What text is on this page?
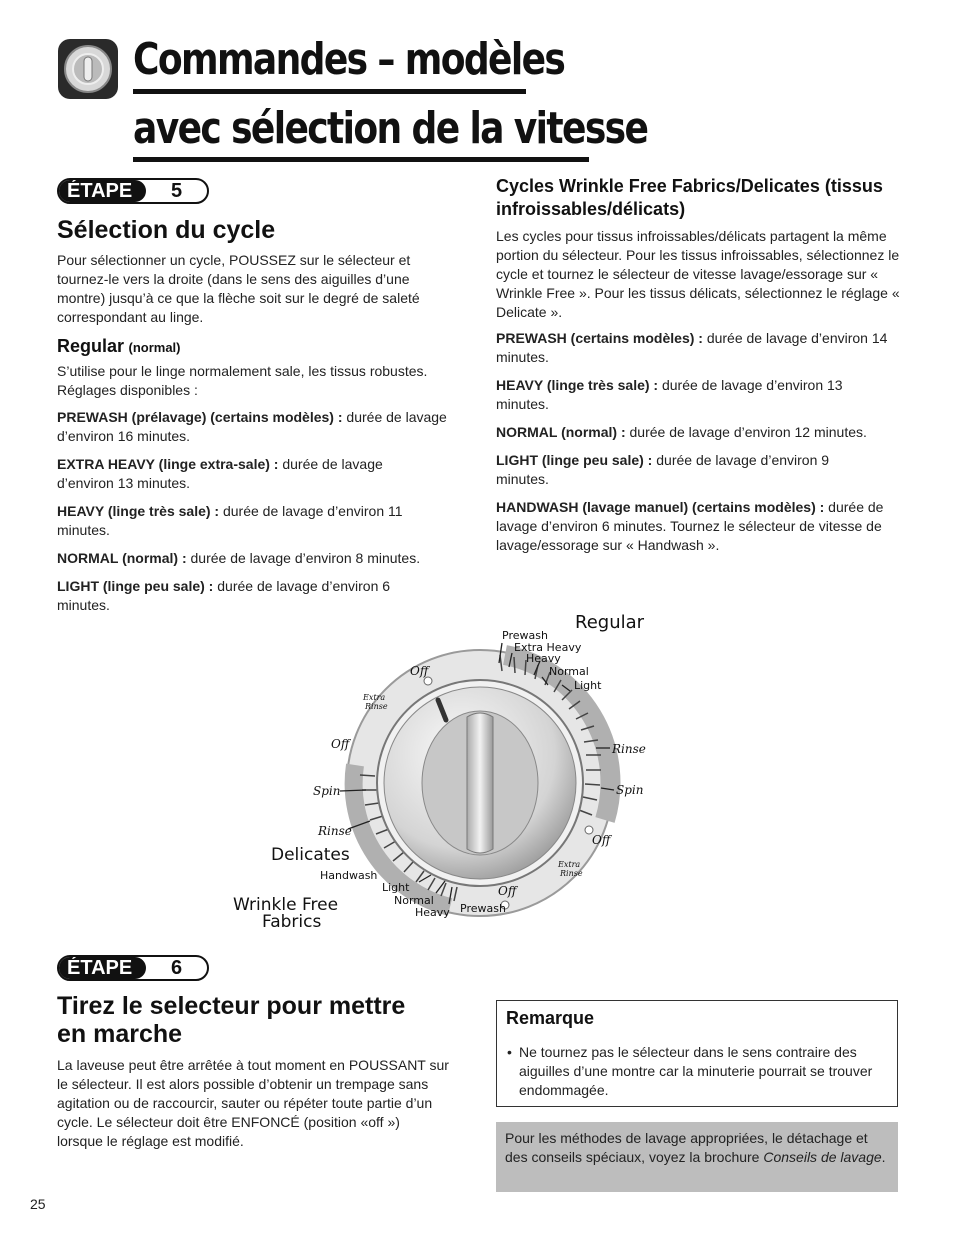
Commandes – modèles
avec sélection de la vitesse
ÉTAPE	5
Sélection du cycle

Pour sélectionner un cycle, POUSSEZ sur le sélecteur et tournez-le vers la droite (dans le sens des aiguilles d’une montre) jusqu’à ce que la flèche soit sur le degré de saleté correspondant au linge.

Regular (normal)

S’utilise pour le linge normalement sale, les tissus robustes. Réglages disponibles :

PREWASH (prélavage) (certains modèles) : durée de lavage d’environ 16 minutes.

EXTRA HEAVY (linge extra-sale) : durée de lavage d’environ 13 minutes.

HEAVY (linge très sale) : durée de lavage d’environ 11 minutes.

NORMAL (normal) : durée de lavage d’environ 8 minutes.

LIGHT (linge peu sale) : durée de lavage d’environ 6 minutes.

Cycles Wrinkle Free Fabrics/Delicates (tissus infroissables/délicats)

Les cycles pour tissus infroissables/délicats partagent la même portion du sélecteur. Pour les tissus infroissables, sélectionnez le cycle et tournez le sélecteur de vitesse lavage/essorage sur « Wrinkle Free ». Pour les tissus délicats, sélectionnez le réglage « Delicate ».

PREWASH (certains modèles) : durée de lavage d’environ 14 minutes.

HEAVY (linge très sale) : durée de lavage d’environ 13 minutes.

NORMAL (normal) : durée de lavage d’environ 12 minutes.

LIGHT (linge peu sale) : durée de lavage d’environ 9 minutes.

HANDWASH (lavage manuel) (certains modèles) : durée de lavage d’environ 6 minutes. Tournez le sélecteur de vitesse de lavage/essorage sur « Handwash ».

Regular
Prewash
Extra Heavy
Heavy
Normal
Light
Off
Extra
Rinse
Off
Spin
Rinse
Rinse
Spin
Off
Extra
Rinse
Off
Delicates
Handwash
Light
Normal
Heavy Prewash
Wrinkle Free
Fabrics
ÉTAPE	6
Tirez le selecteur pour mettre
en marche

La laveuse peut être arrêtée à tout moment en POUSSANT sur le sélecteur. Il est alors possible d’obtenir un trempage sans agitation ou de raccourcir, sauter ou répéter toute partie d’un cycle. Le sélecteur doit être ENFONCÉ (position «off ») lorsque le réglage est modifié.

Remarque
• Ne tournez pas le sélecteur dans le sens contraire des aiguilles d’une montre car la minuterie pourrait se trouver endommagée.

Pour les méthodes de lavage appropriées, le détachage et des conseils spéciaux, voyez la brochure Conseils de lavage.

25
